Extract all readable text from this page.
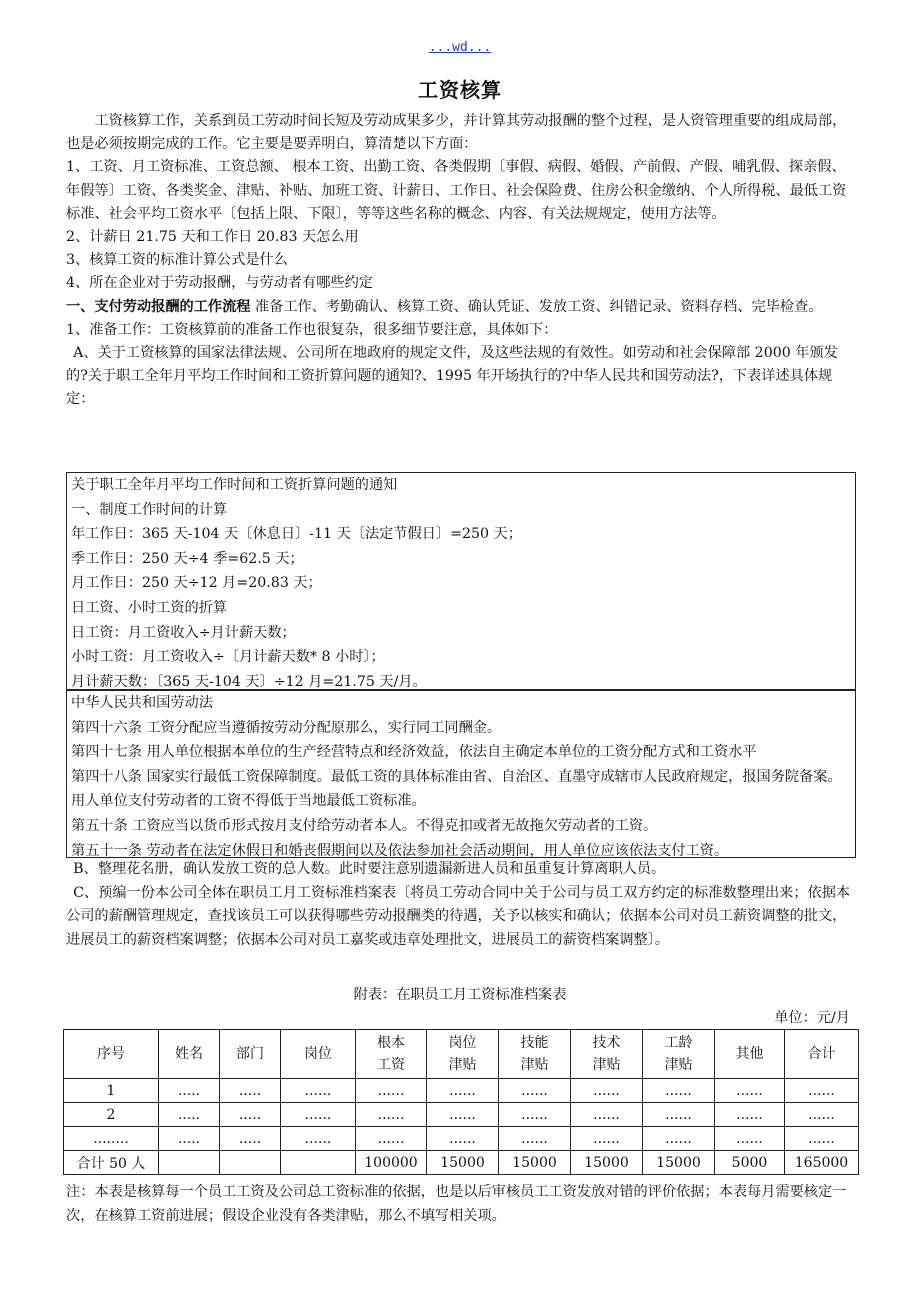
...wd...
工资核算

工资核算工作，关系到员工劳动时间长短及劳动成果多少，并计算其劳动报酬的整个过程，是人资管理重要的组成局部，也是必须按期完成的工作。它主要是要弄明白，算清楚以下方面：

1、工资、月工资标准、工资总额、 根本工资、出勤工资、各类假期〔事假、病假、婚假、产前假、产假、哺乳假、探亲假、年假等〕工资、各类奖金、津贴、补贴、加班工资、计薪日、工作日、社会保险费、住房公积金缴纳、个人所得税、最低工资标准、社会平均工资水平〔包括上限、下限〕，等等这些名称的概念、内容、有关法规规定，使用方法等。

2、计薪日 21.75 天和工作日 20.83 天怎么用

3、核算工资的标准计算公式是什么

4、所在企业对于劳动报酬，与劳动者有哪些约定

一、支付劳动报酬的工作流程 准备工作、考勤确认、核算工资、确认凭证、发放工资、纠错记录、资料存档、完毕检查。

1、准备工作：工资核算前的准备工作也很复杂，很多细节要注意，具体如下：

A、关于工资核算的国家法律法规、公司所在地政府的规定文件，及这些法规的有效性。如劳动和社会保障部 2000 年颁发的?关于职工全年月平均工作时间和工资折算问题的通知?、1995 年开场执行的?中华人民共和国劳动法?，下表详述具体规定：

关于职工全年月平均工作时间和工资折算问题的通知

一、制度工作时间的计算

年工作日：365 天-104 天〔休息日〕-11 天〔法定节假日〕=250 天；

季工作日：250 天÷4 季=62.5 天；

月工作日：250 天÷12 月=20.83 天；

日工资、小时工资的折算

日工资：月工资收入÷月计薪天数；

小时工资：月工资收入÷〔月计薪天数* 8 小时〕；

月计薪天数：〔365 天-104 天〕÷12 月=21.75 天/月。

中华人民共和国劳动法

第四十六条 工资分配应当遵循按劳动分配原那么，实行同工同酬金。

第四十七条 用人单位根据本单位的生产经营特点和经济效益，依法自主确定本单位的工资分配方式和工资水平

第四十八条 国家实行最低工资保障制度。最低工资的具体标准由省、自治区、直墨守成辖市人民政府规定，报国务院备案。用人单位支付劳动者的工资不得低于当地最低工资标准。

第五十条 工资应当以货币形式按月支付给劳动者本人。不得克扣或者无故拖欠劳动者的工资。

第五十一条 劳动者在法定休假日和婚丧假期间以及依法参加社会活动期间，用人单位应该依法支付工资。

B、整理花名册，确认发放工资的总人数。此时要注意别遗漏新进人员和虽重复计算离职人员。

C、预编一份本公司全体在职员工月工资标准档案表〔将员工劳动合同中关于公司与员工双方约定的标准数整理出来；依据本公司的薪酬管理规定，查找该员工可以获得哪些劳动报酬类的待遇，关予以核实和确认；依据本公司对员工薪资调整的批文，进展员工的薪资档案调整；依据本公司对员工嘉奖或违章处理批文，进展员工的薪资档案调整〕。

附表：在职员工月工资标准档案表
单位：元/月
序号	姓名	部门	岗位	根本工资	岗位津贴	技能津贴	技术津贴	工龄津贴	其他	合计
1	.....	.....	......	......	......	......	......	......	......	......
2	.....	.....	......	......	......	......	......	......	......	......
........	.....	.....	......	......	......	......	......	......	......	......
合计 50 人				100000	15000	15000	15000	15000	5000	165000

注：本表是核算每一个员工工资及公司总工资标准的依据，也是以后审核员工工资发放对错的评价依据；本表每月需要核定一次，在核算工资前进展；假设企业没有各类津贴，那么不填写相关项。
